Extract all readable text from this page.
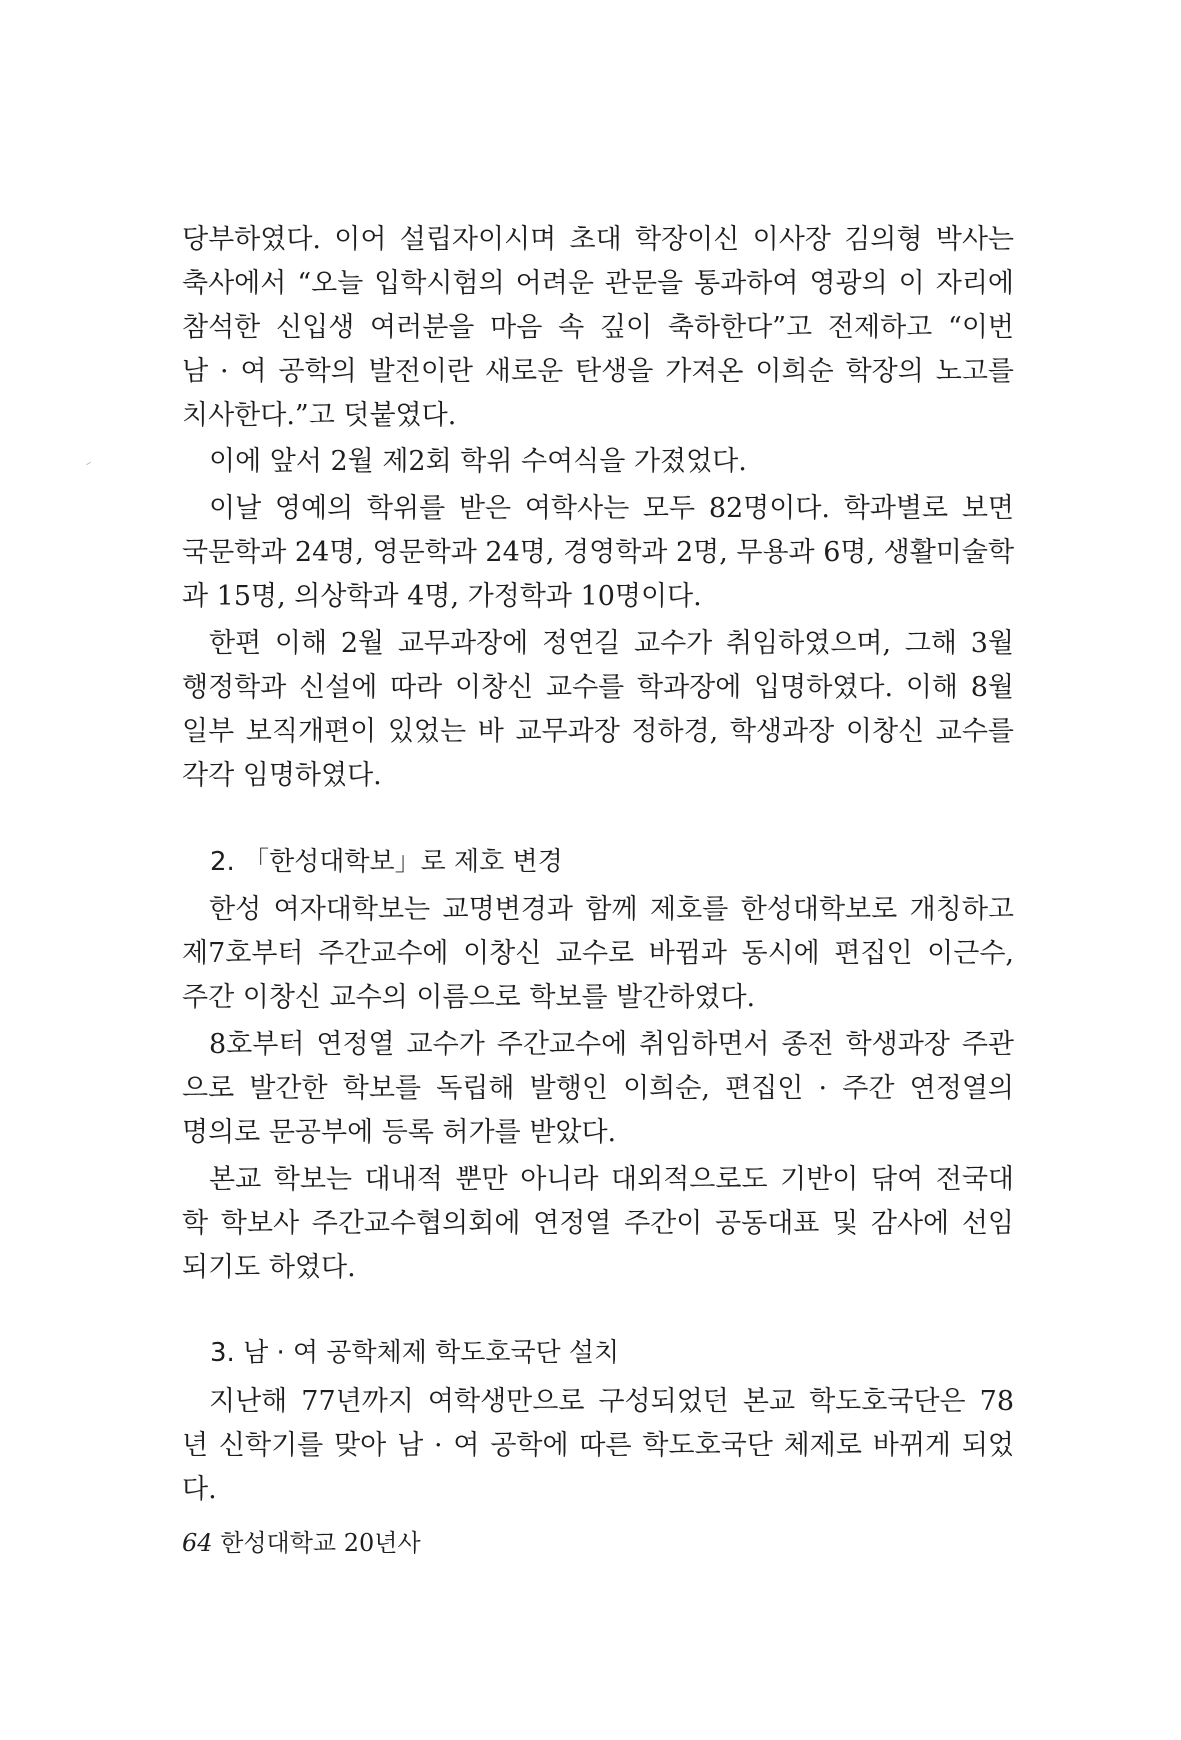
당부하였다. 이어 설립자이시며 초대 학장이신 이사장 김의형 박사는
축사에서 “오늘 입학시험의 어려운 관문을 통과하여 영광의 이 자리에
참석한 신입생 여러분을 마음 속 깊이 축하한다”고 전제하고 “이번
남 · 여 공학의 발전이란 새로운 탄생을 가져온 이희순 학장의 노고를
치사한다.”고 덧붙였다.
이에 앞서 2월 제2회 학위 수여식을 가졌었다.
이날 영예의 학위를 받은 여학사는 모두 82명이다. 학과별로 보면
국문학과 24명, 영문학과 24명, 경영학과 2명, 무용과 6명, 생활미술학
과 15명, 의상학과 4명, 가정학과 10명이다.
한편 이해 2월 교무과장에 정연길 교수가 취임하였으며, 그해 3월
행정학과 신설에 따라 이창신 교수를 학과장에 입명하였다. 이해 8월
일부 보직개편이 있었는 바 교무과장 정하경, 학생과장 이창신 교수를
각각 임명하였다.
2. 「한성대학보」로 제호 변경
한성 여자대학보는 교명변경과 함께 제호를 한성대학보로 개칭하고
제7호부터 주간교수에 이창신 교수로 바뀜과 동시에 편집인 이근수,
주간 이창신 교수의 이름으로 학보를 발간하였다.
8호부터 연정열 교수가 주간교수에 취임하면서 종전 학생과장 주관
으로 발간한 학보를 독립해 발행인 이희순, 편집인 · 주간 연정열의
명의로 문공부에 등록 허가를 받았다.
본교 학보는 대내적 뿐만 아니라 대외적으로도 기반이 닦여 전국대
학 학보사 주간교수협의회에 연정열 주간이 공동대표 및 감사에 선임
되기도 하였다.
3. 남 · 여 공학체제 학도호국단 설치
지난해 77년까지 여학생만으로 구성되었던 본교 학도호국단은 78
년 신학기를 맞아 남 · 여 공학에 따른 학도호국단 체제로 바뀌게 되었
다.
64 한성대학교 20년사
